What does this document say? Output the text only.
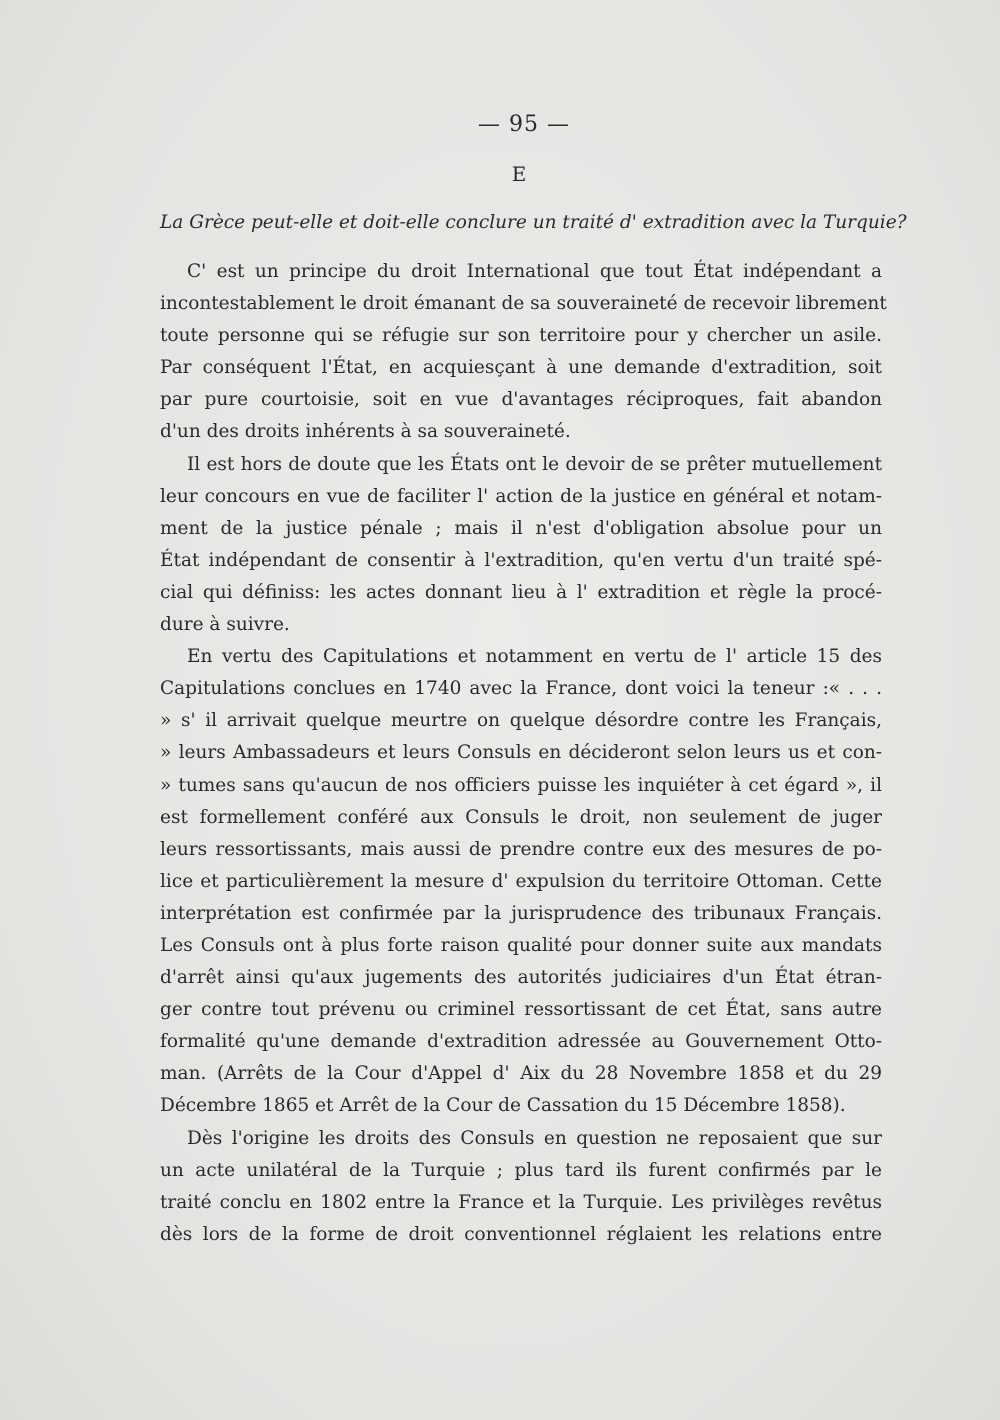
— 95 —
E
La Grèce peut-elle et doit-elle conclure un traité d' extradition avec la Turquie?
C' est un principe du droit International que tout État indépendant a
incontestablement le droit émanant de sa souveraineté de recevoir librement
toute personne qui se réfugie sur son territoire pour y chercher un asile.
Par conséquent l'État, en acquiesçant à une demande d'extradition, soit
par pure courtoisie, soit en vue d'avantages réciproques, fait abandon
d'un des droits inhérents à sa souveraineté.
Il est hors de doute que les États ont le devoir de se prêter mutuellement
leur concours en vue de faciliter l' action de la justice en général et notam-
ment de la justice pénale ; mais il n'est d'obligation absolue pour un
État indépendant de consentir à l'extradition, qu'en vertu d'un traité spé-
cial qui définiss: les actes donnant lieu à l' extradition et règle la procé-
dure à suivre.
En vertu des Capitulations et notamment en vertu de l' article 15 des
Capitulations conclues en 1740 avec la France, dont voici la teneur :« . . .
» s' il arrivait quelque meurtre on quelque désordre contre les Français,
» leurs Ambassadeurs et leurs Consuls en décideront selon leurs us et con-
» tumes sans qu'aucun de nos officiers puisse les inquiéter à cet égard », il
est formellement conféré aux Consuls le droit, non seulement de juger
leurs ressortissants, mais aussi de prendre contre eux des mesures de po-
lice et particulièrement la mesure d' expulsion du territoire Ottoman. Cette
interprétation est confirmée par la jurisprudence des tribunaux Français.
Les Consuls ont à plus forte raison qualité pour donner suite aux mandats
d'arrêt ainsi qu'aux jugements des autorités judiciaires d'un État étran-
ger contre tout prévenu ou criminel ressortissant de cet État, sans autre
formalité qu'une demande d'extradition adressée au Gouvernement Otto-
man. (Arrêts de la Cour d'Appel d' Aix du 28 Novembre 1858 et du 29
Décembre 1865 et Arrêt de la Cour de Cassation du 15 Décembre 1858).
Dès l'origine les droits des Consuls en question ne reposaient que sur
un acte unilatéral de la Turquie ; plus tard ils furent confirmés par le
traité conclu en 1802 entre la France et la Turquie. Les privilèges revêtus
dès lors de la forme de droit conventionnel réglaient les relations entre
